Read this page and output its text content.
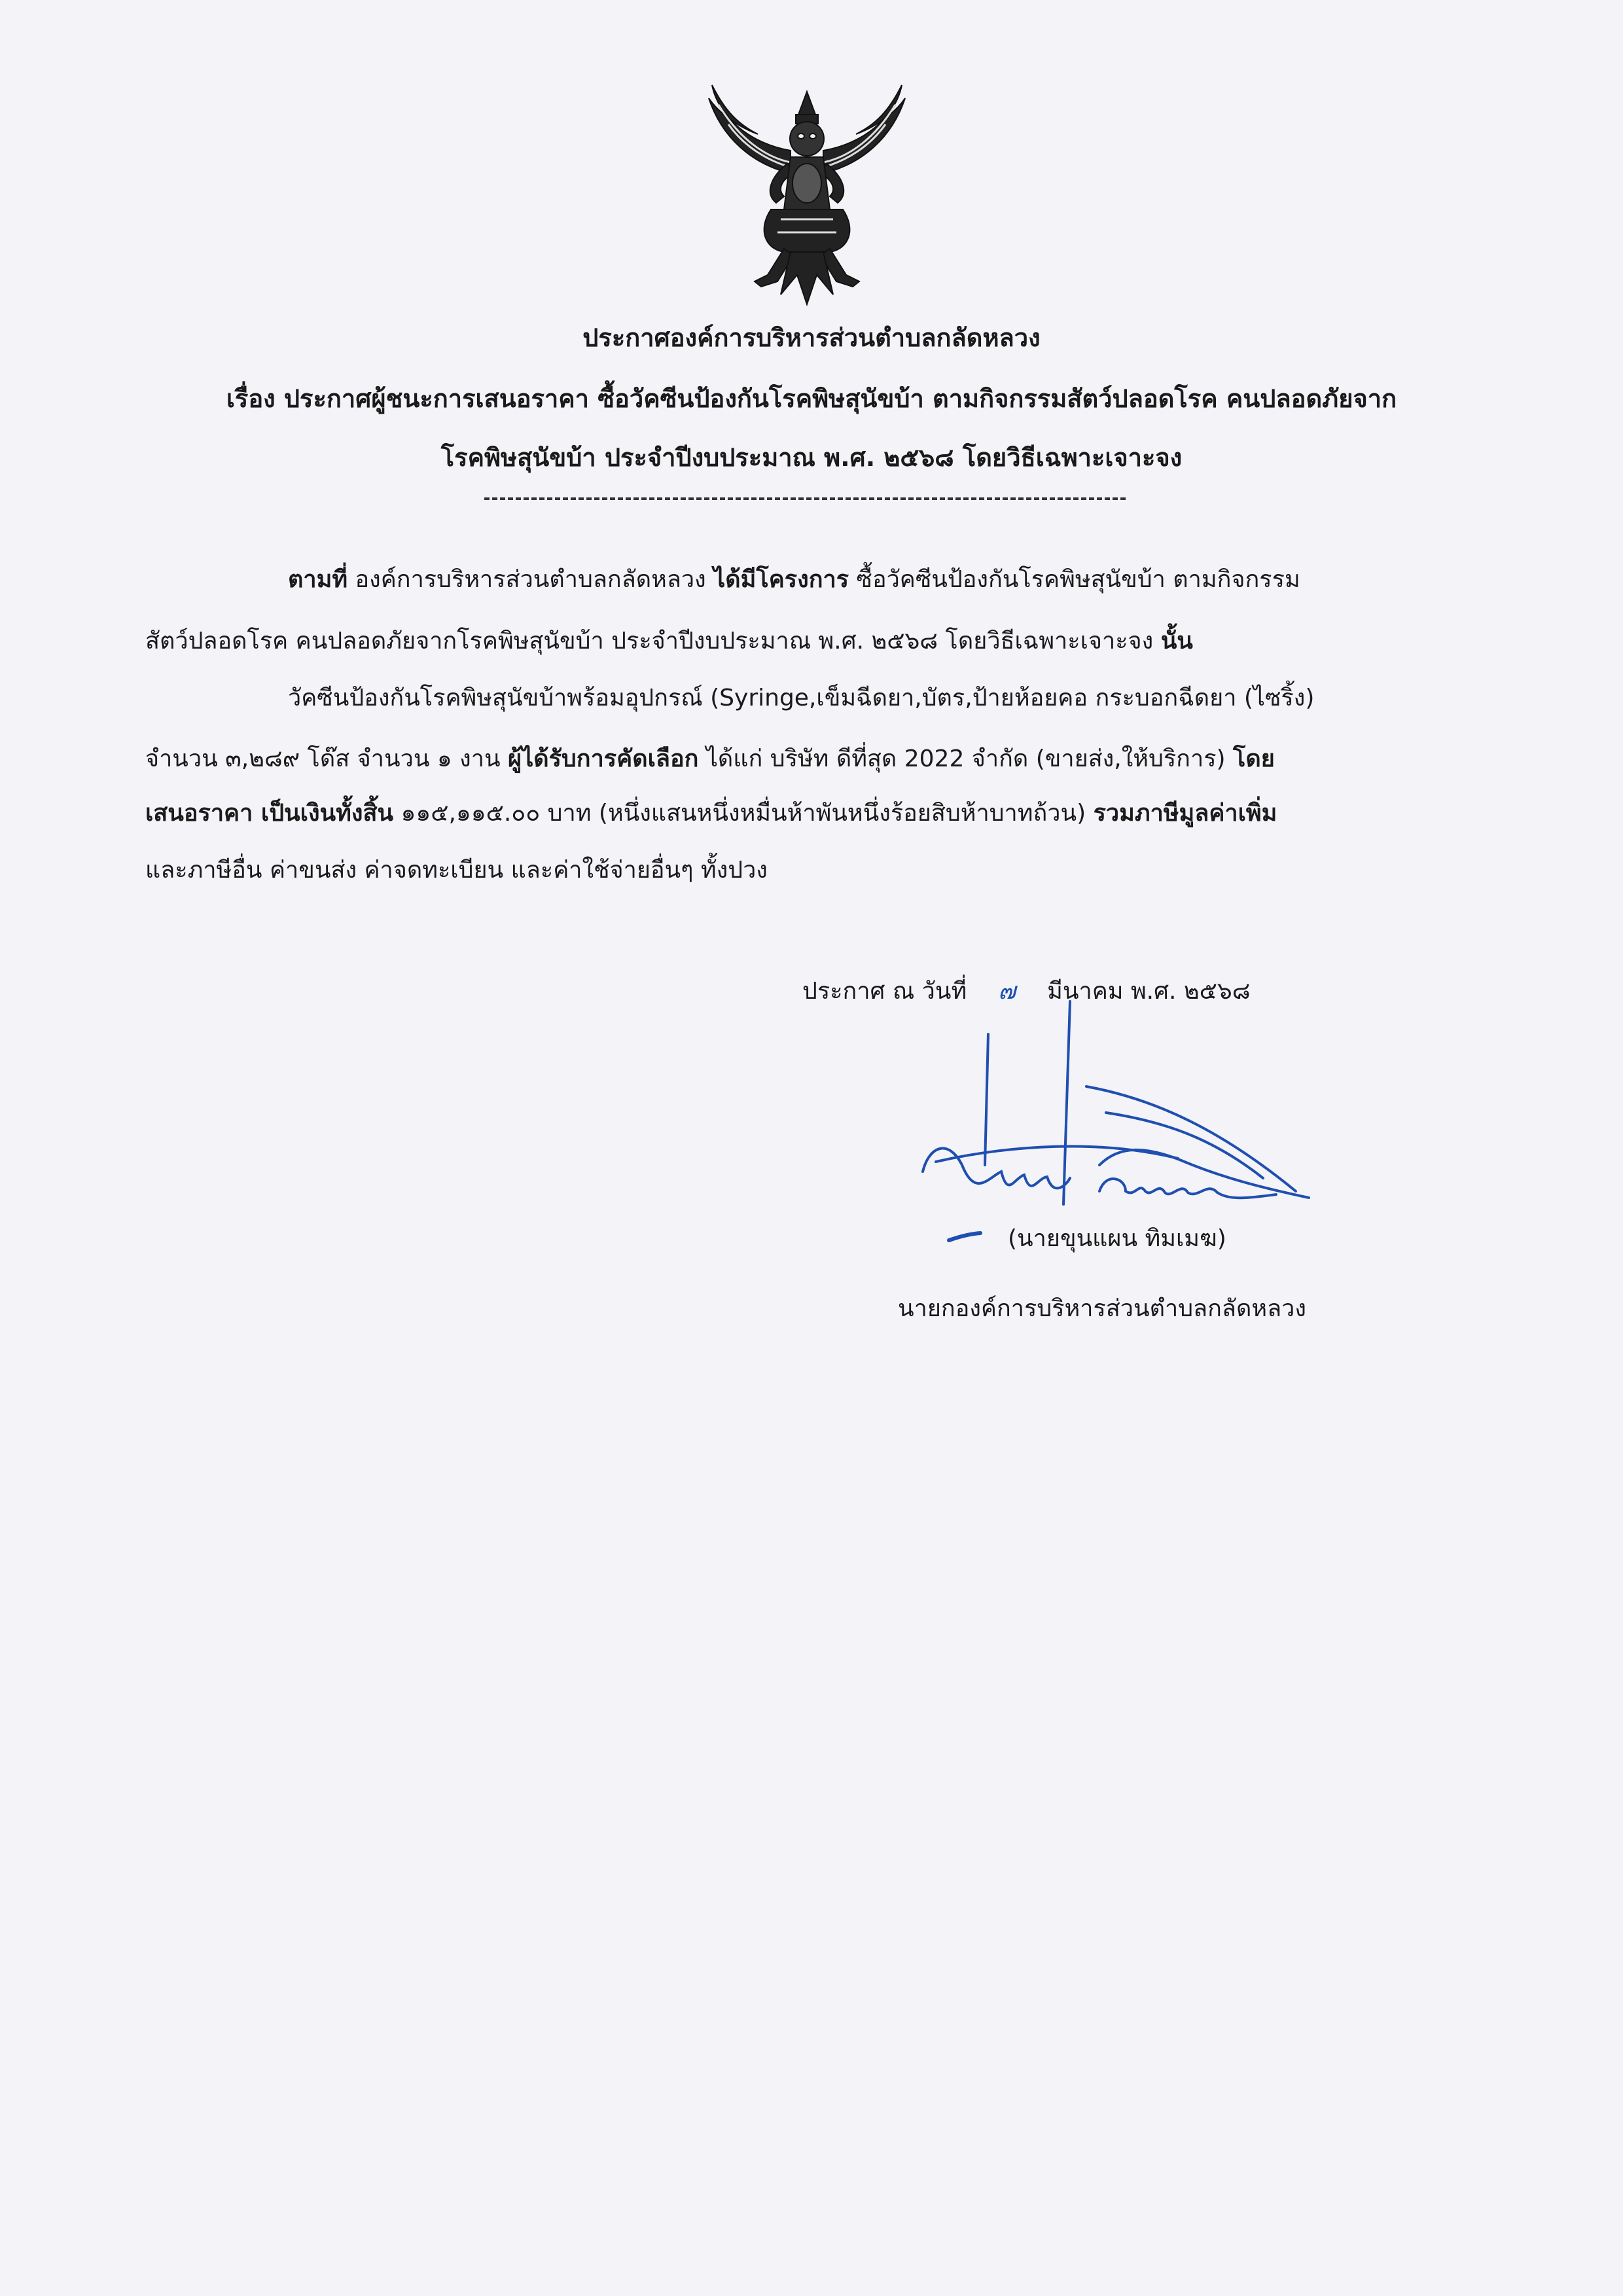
ประกาศองค์การบริหารส่วนตำบลกลัดหลวง
เรื่อง ประกาศผู้ชนะการเสนอราคา ซื้อวัคซีนป้องกันโรคพิษสุนัขบ้า ตามกิจกรรมสัตว์ปลอดโรค คนปลอดภัยจาก
โรคพิษสุนัขบ้า ประจำปีงบประมาณ พ.ศ. ๒๕๖๘ โดยวิธีเฉพาะเจาะจง
ตามที่ องค์การบริหารส่วนตำบลกลัดหลวง ได้มีโครงการ ซื้อวัคซีนป้องกันโรคพิษสุนัขบ้า ตามกิจกรรม
สัตว์ปลอดโรค คนปลอดภัยจากโรคพิษสุนัขบ้า ประจำปีงบประมาณ พ.ศ. ๒๕๖๘ โดยวิธีเฉพาะเจาะจง นั้น
วัคซีนป้องกันโรคพิษสุนัขบ้าพร้อมอุปกรณ์ (Syringe,เข็มฉีดยา,บัตร,ป้ายห้อยคอ กระบอกฉีดยา (ไซริ้ง)
จำนวน ๓,๒๘๙ โด๊ส จำนวน ๑ งาน ผู้ได้รับการคัดเลือก ได้แก่ บริษัท ดีที่สุด 2022 จำกัด (ขายส่ง,ให้บริการ) โดย
เสนอราคา เป็นเงินทั้งสิ้น ๑๑๕,๑๑๕.๐๐ บาท (หนึ่งแสนหนึ่งหมื่นห้าพันหนึ่งร้อยสิบห้าบาทถ้วน) รวมภาษีมูลค่าเพิ่ม
และภาษีอื่น ค่าขนส่ง ค่าจดทะเบียน และค่าใช้จ่ายอื่นๆ ทั้งปวง
ประกาศ ณ วันที่ ๗ มีนาคม พ.ศ. ๒๕๖๘
(นายขุนแผน ทิมเมฆ)
นายกองค์การบริหารส่วนตำบลกลัดหลวง
